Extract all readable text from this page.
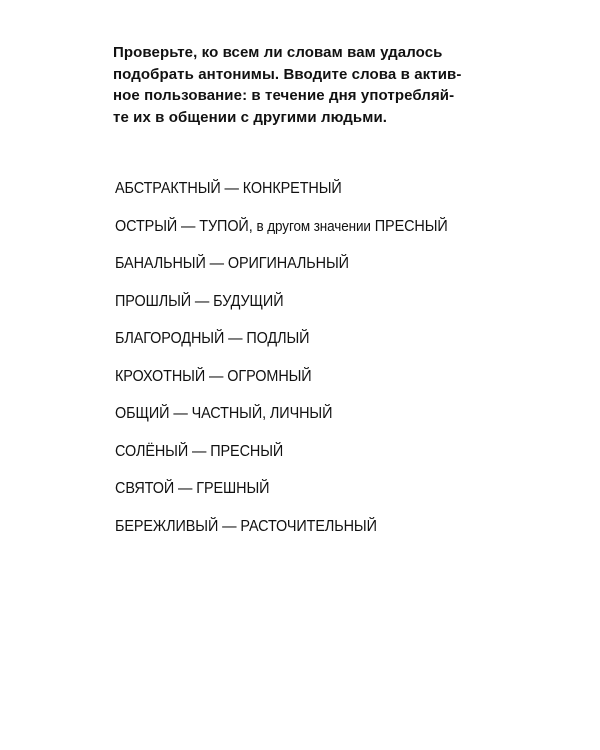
Проверьте, ко всем ли словам вам удалось
подобрать антонимы. Вводите слова в актив-
ное пользование: в течение дня употребляй-
те их в общении с другими людьми.
АБСТРАКТНЫЙ — КОНКРЕТНЫЙ
ОСТРЫЙ — ТУПОЙ, в другом значении ПРЕСНЫЙ
БАНАЛЬНЫЙ — ОРИГИНАЛЬНЫЙ
ПРОШЛЫЙ — БУДУЩИЙ
БЛАГОРОДНЫЙ — ПОДЛЫЙ
КРОХОТНЫЙ — ОГРОМНЫЙ
ОБЩИЙ — ЧАСТНЫЙ, ЛИЧНЫЙ
СОЛЁНЫЙ — ПРЕСНЫЙ
СВЯТОЙ — ГРЕШНЫЙ
БЕРЕЖЛИВЫЙ — РАСТОЧИТЕЛЬНЫЙ
